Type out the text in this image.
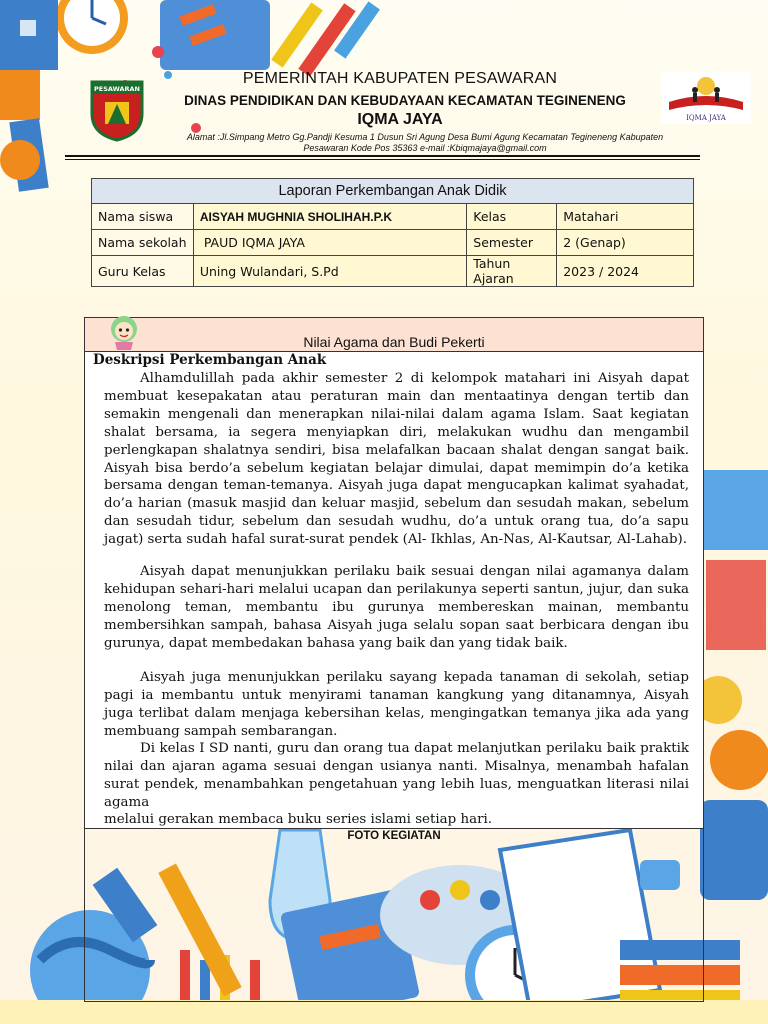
PESAWARAN
IQMA JAYA
PEMERINTAH KABUPATEN PESAWARAN
DINAS PENDIDIKAN DAN KEBUDAYAAN KECAMATAN TEGINENENG
IQMA JAYA
Alamat :Jl.Simpang Metro Gg.Pandji Kesuma 1 Dusun Sri Agung Desa Bumi Agung Kecamatan Tegineneng Kabupaten
Pesawaran Kode Pos 35363 e-mail :Kbiqmajaya@gmail.com
Laporan Perkembangan Anak Didik			
Nama siswa	AISYAH MUGHNIA SHOLIHAH.P.K	Kelas	Matahari
Nama sekolah	PAUD IQMA JAYA	Semester	2 (Genap)
Guru Kelas	Uning Wulandari, S.Pd	Tahun Ajaran	2023 / 2024
Nilai Agama dan Budi Pekerti
Deskripsi Perkembangan Anak
Alhamdulillah pada akhir semester 2 di kelompok matahari ini Aisyah dapat membuat kesepakatan atau peraturan main dan mentaatinya dengan tertib dan semakin mengenali dan menerapkan nilai-nilai dalam agama Islam. Saat kegiatan shalat bersama, ia segera menyiapkan diri, melakukan wudhu dan mengambil perlengkapan shalatnya sendiri, bisa melafalkan bacaan shalat dengan sangat baik. Aisyah bisa berdo’a sebelum kegiatan belajar dimulai, dapat memimpin do’a ketika bersama dengan teman-temanya. Aisyah juga dapat mengucapkan kalimat syahadat, do’a harian (masuk masjid dan keluar masjid, sebelum dan sesudah makan, sebelum dan sesudah tidur, sebelum dan sesudah wudhu, do’a untuk orang tua, do’a sapu jagat) serta sudah hafal surat-surat pendek (Al- Ikhlas, An-Nas, Al-Kautsar, Al-Lahab).
Aisyah dapat menunjukkan perilaku baik sesuai dengan nilai agamanya dalam kehidupan sehari-hari melalui ucapan dan perilakunya seperti santun, jujur, dan suka menolong teman, membantu ibu gurunya membereskan mainan, membantu membersihkan sampah, bahasa Aisyah juga selalu sopan saat berbicara dengan ibu gurunya, dapat membedakan bahasa yang baik dan yang tidak baik.
Aisyah juga menunjukkan perilaku sayang kepada tanaman di sekolah, setiap pagi ia membantu untuk menyirami tanaman kangkung yang ditanamnya, Aisyah juga terlibat dalam menjaga kebersihan kelas, mengingatkan temanya jika ada yang membuang sampah sembarangan.
Di kelas I SD nanti, guru dan orang tua dapat melanjutkan perilaku baik praktik nilai dan ajaran agama sesuai dengan usianya nanti. Misalnya, menambah hafalan surat pendek, menambahkan pengetahuan yang lebih luas, menguatkan literasi nilai agama
melalui gerakan membaca buku series islami setiap hari.
FOTO KEGIATAN
